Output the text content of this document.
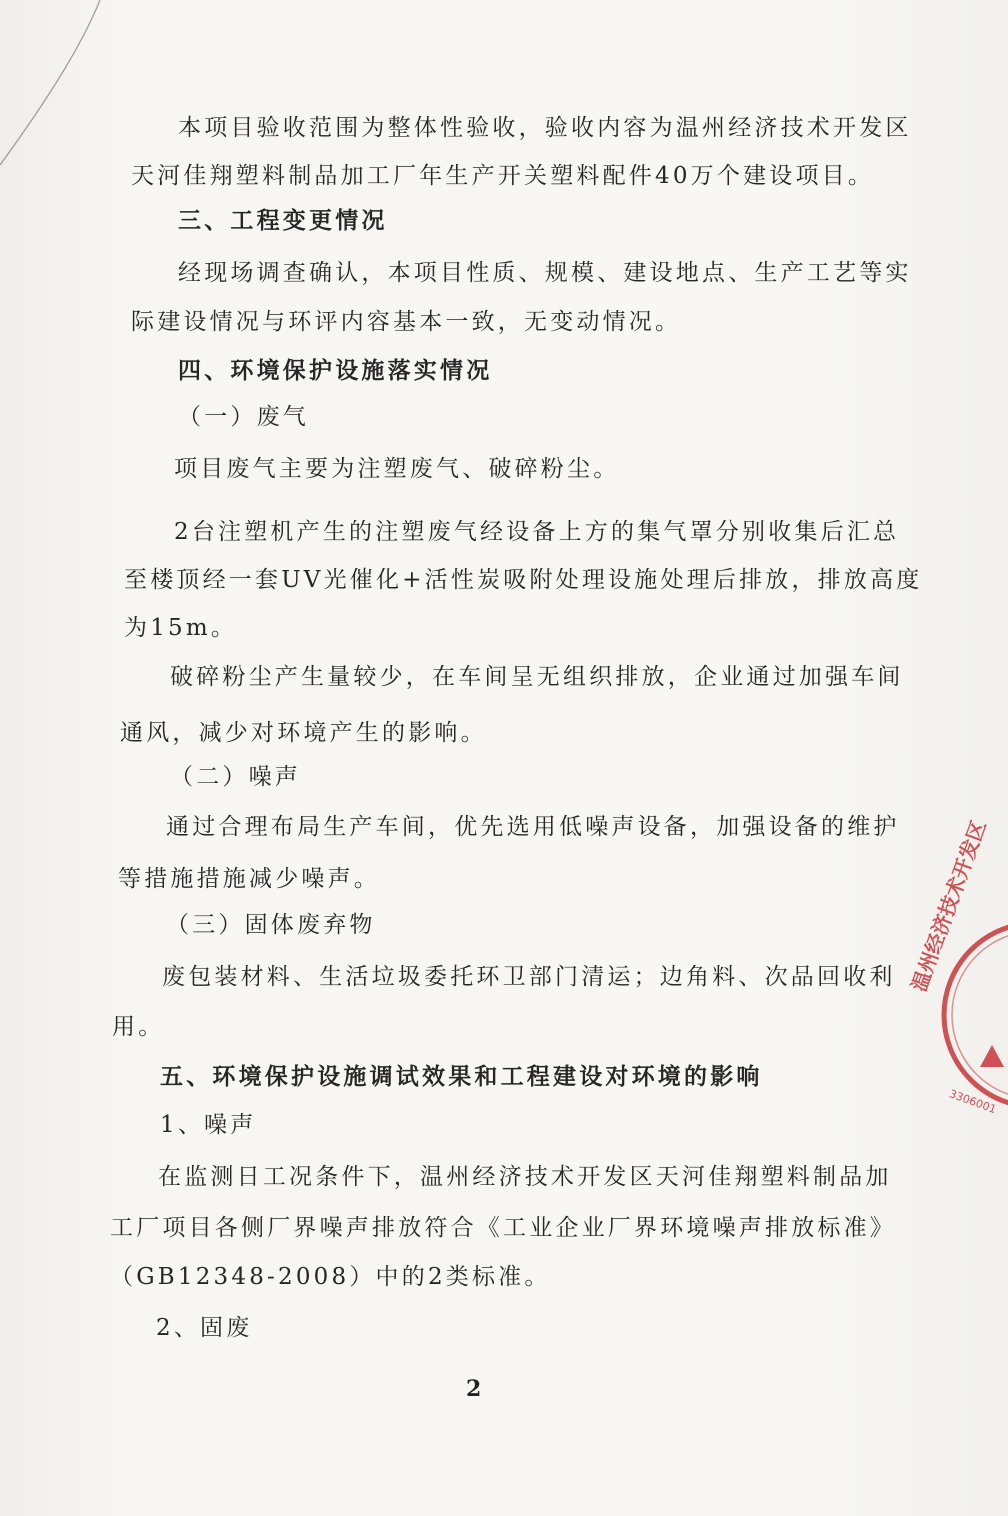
本项目验收范围为整体性验收，验收内容为温州经济技术开发区
天河佳翔塑料制品加工厂年生产开关塑料配件40万个建设项目。
三、工程变更情况
经现场调查确认，本项目性质、规模、建设地点、生产工艺等实
际建设情况与环评内容基本一致，无变动情况。
四、环境保护设施落实情况
（一）废气
项目废气主要为注塑废气、破碎粉尘。
2台注塑机产生的注塑废气经设备上方的集气罩分别收集后汇总
至楼顶经一套UV光催化+活性炭吸附处理设施处理后排放，排放高度
为15m。
破碎粉尘产生量较少，在车间呈无组织排放，企业通过加强车间
通风，减少对环境产生的影响。
（二）噪声
通过合理布局生产车间，优先选用低噪声设备，加强设备的维护
等措施措施减少噪声。
（三）固体废弃物
废包装材料、生活垃圾委托环卫部门清运；边角料、次品回收利
用。
五、环境保护设施调试效果和工程建设对环境的影响
1、噪声
在监测日工况条件下，温州经济技术开发区天河佳翔塑料制品加
工厂项目各侧厂界噪声排放符合《工业企业厂界环境噪声排放标准》
（GB12348-2008）中的2类标准。
2、固废
2
温州经济技术开发区
3306001
